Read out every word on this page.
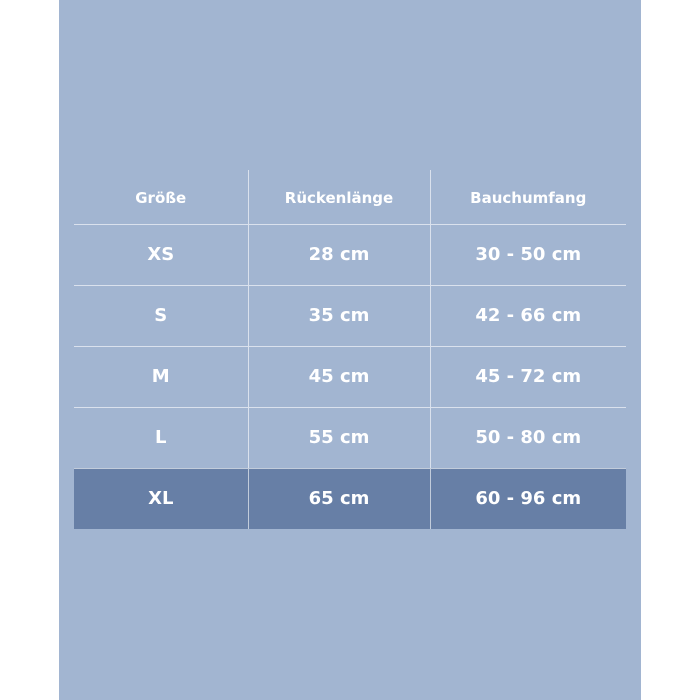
Größe	Rückenlänge	Bauchumfang
XS	28 cm	30 - 50 cm
S	35 cm	42 - 66 cm
M	45 cm	45 - 72 cm
L	55 cm	50 - 80 cm
XL	65 cm	60 - 96 cm
